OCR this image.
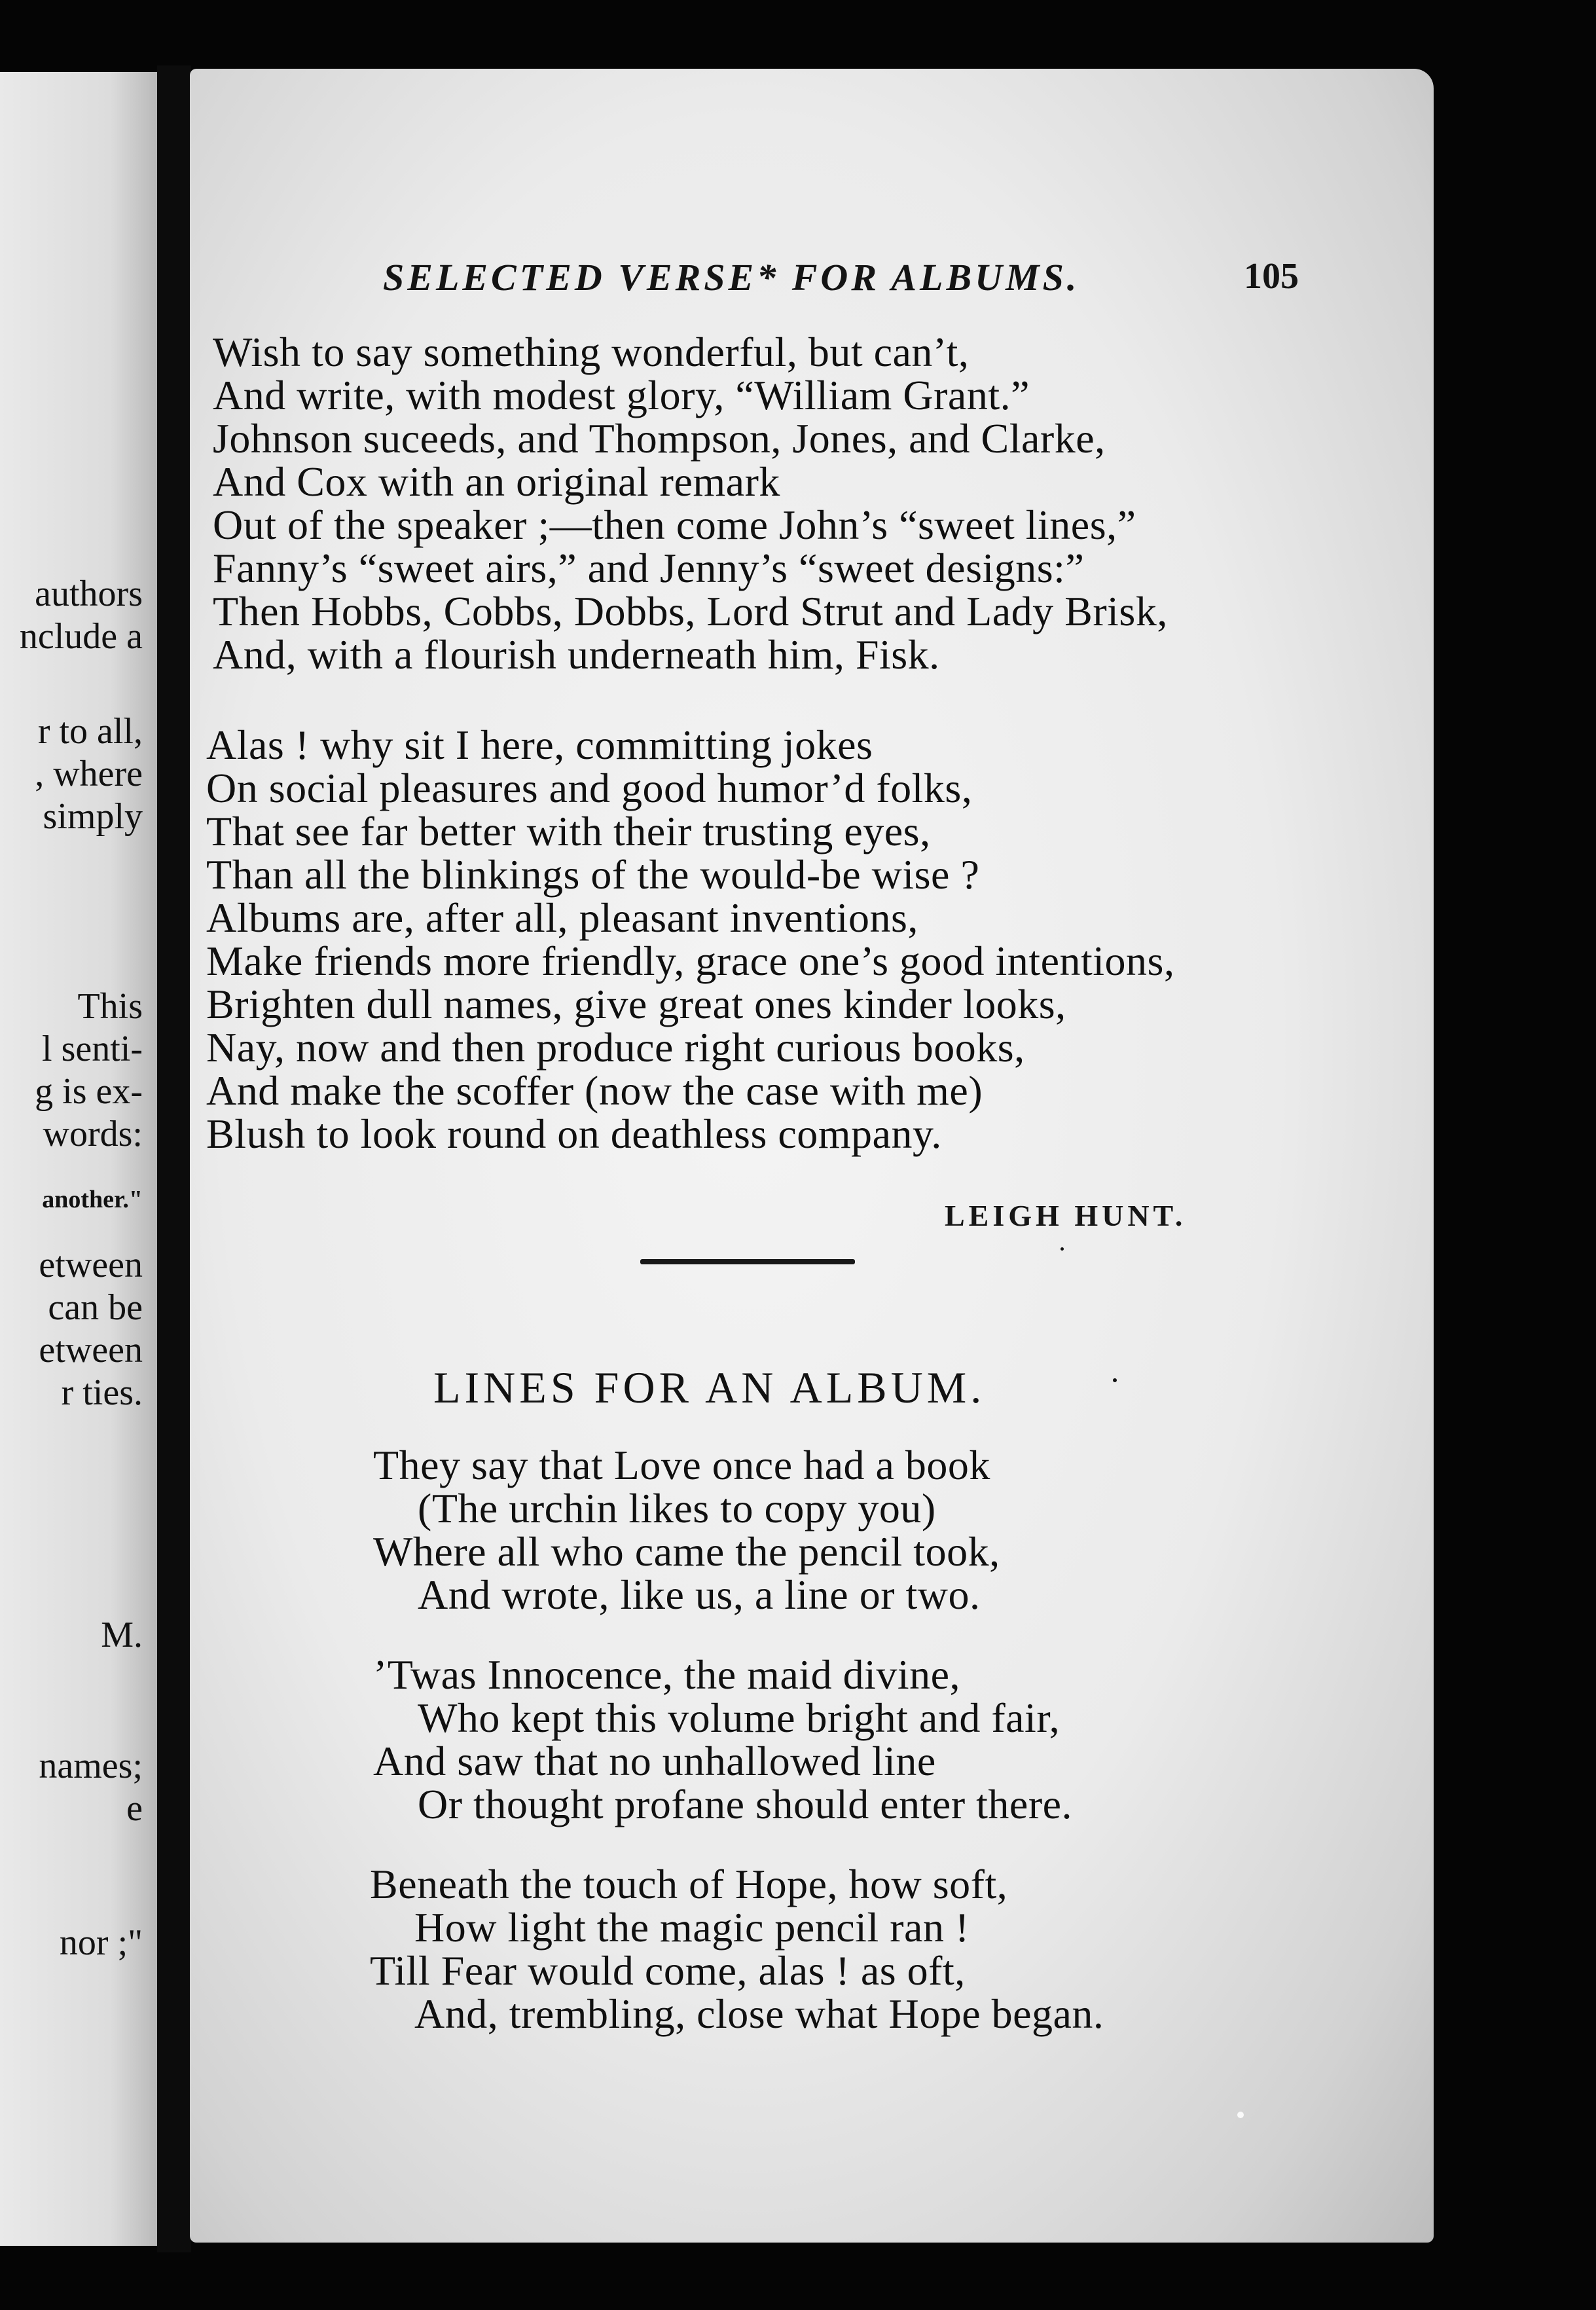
authors
nclude a
r to all,
, where
simply
This
l senti-
g is ex-
words:
another."
etween
can be
etween
r ties.
M.
names;
e
nor ;"
SELECTED VERSE* FOR ALBUMS.	105
Wish to say something wonderful, but can’t,
And write, with modest glory, “William Grant.”
Johnson suceeds, and Thompson, Jones, and Clarke,
And Cox with an original remark
Out of the speaker ;—then come John’s “sweet lines,”
Fanny’s “sweet airs,” and Jenny’s “sweet designs:”
Then Hobbs, Cobbs, Dobbs, Lord Strut and Lady Brisk,
And, with a flourish underneath him, Fisk.
Alas ! why sit I here, committing jokes
On social pleasures and good humor’d folks,
That see far better with their trusting eyes,
Than all the blinkings of the would-be wise ?
Albums are, after all, pleasant inventions,
Make friends more friendly, grace one’s good intentions,
Brighten dull names, give great ones kinder looks,
Nay, now and then produce right curious books,
And make the scoffer (now the case with me)
Blush to look round on deathless company.
LEIGH HUNT.
LINES FOR AN ALBUM.
They say that Love once had a book
(The urchin likes to copy you)
Where all who came the pencil took,
And wrote, like us, a line or two.
’Twas Innocence, the maid divine,
Who kept this volume bright and fair,
And saw that no unhallowed line
Or thought profane should enter there.
Beneath the touch of Hope, how soft,
How light the magic pencil ran !
Till Fear would come, alas ! as oft,
And, trembling, close what Hope began.
